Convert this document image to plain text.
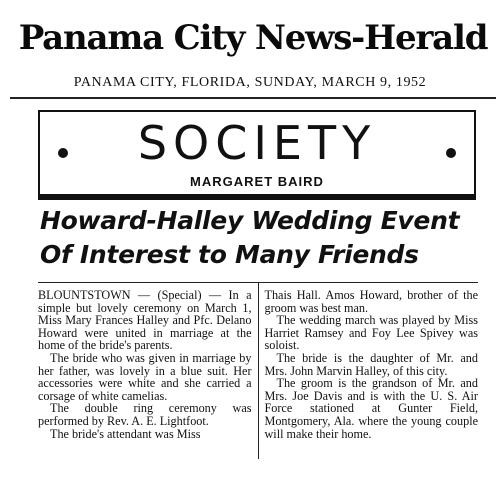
Panama City News-Herald
PANAMA CITY, FLORIDA, SUNDAY, MARCH 9, 1952
SOCIETY
MARGARET BAIRD
Howard-Halley Wedding Event
Of Interest to Many Friends

BLOUNTSTOWN — (Special) — In a simple but lovely ceremony on March 1, Miss Mary Frances Halley and Pfc. Delano Howard were united in marriage at the home of the bride's parents.

The bride who was given in marriage by her father, was lovely in a blue suit. Her accessories were white and she carried a corsage of white camelias.

The double ring ceremony was performed by Rev. A. E. Lightfoot.

The bride's attendant was Miss

Thais Hall. Amos Howard, brother of the groom was best man.

The wedding march was played by Miss Harriet Ramsey and Foy Lee Spivey was soloist.

The bride is the daughter of Mr. and Mrs. John Marvin Halley, of this city.

The groom is the grandson of Mr. and Mrs. Joe Davis and is with the U. S. Air Force stationed at Gunter Field, Montgomery, Ala. where the young couple will make their home.
